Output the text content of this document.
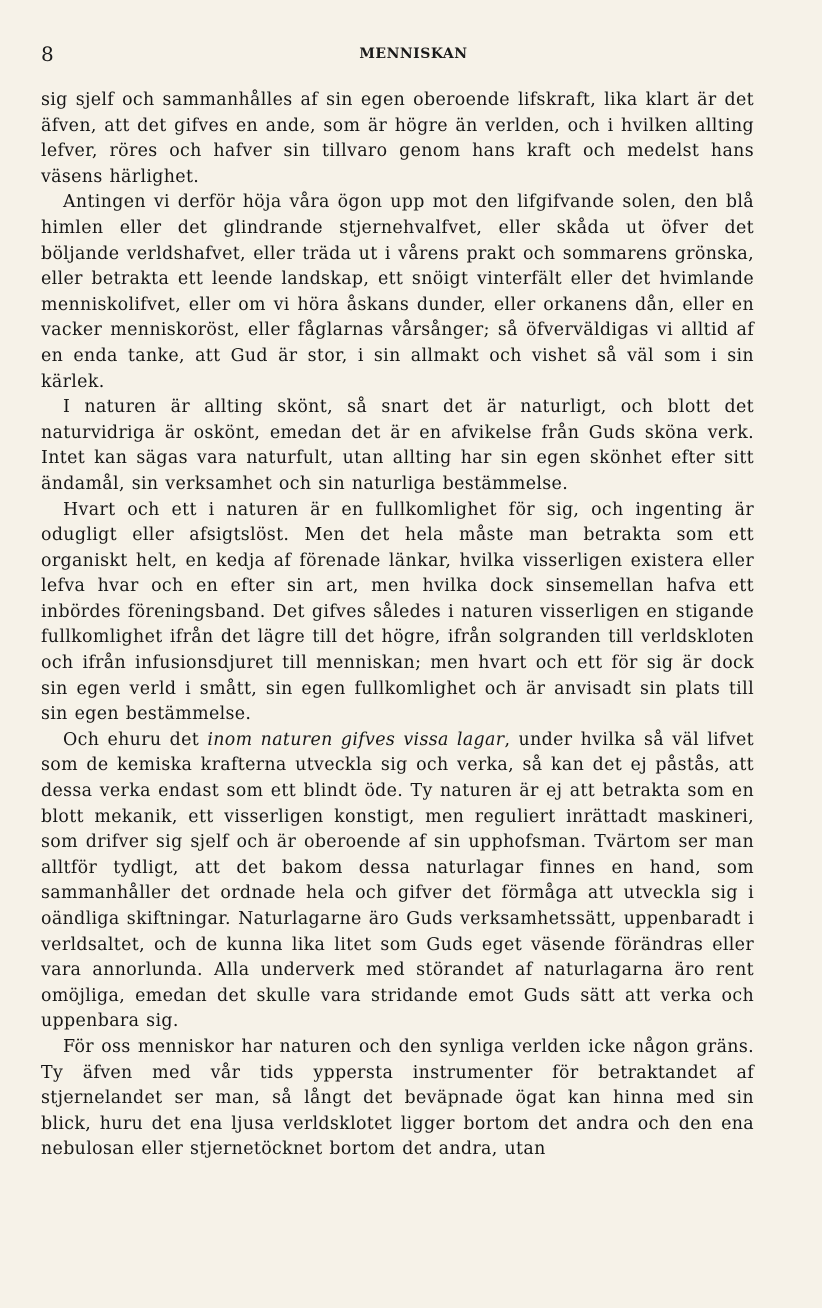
8	MENNISKAN

sig sjelf och sammanhålles af sin egen oberoende lifskraft, lika klart är det äfven, att det gifves en ande, som är högre än verlden, och i hvilken allting lefver, röres och hafver sin tillvaro genom hans kraft och medelst hans väsens härlighet.

Antingen vi derför höja våra ögon upp mot den lifgifvande solen, den blå himlen eller det glindrande stjernehvalfvet, eller skåda ut öfver det böljande verldshafvet, eller träda ut i vårens prakt och sommarens grönska, eller betrakta ett leende landskap, ett snöigt vinterfält eller det hvimlande menniskolifvet, eller om vi höra åskans dunder, eller orkanens dån, eller en vacker menniskoröst, eller fåglarnas vårsånger; så öfverväldigas vi alltid af en enda tanke, att Gud är stor, i sin allmakt och vishet så väl som i sin kärlek.

I naturen är allting skönt, så snart det är naturligt, och blott det naturvidriga är oskönt, emedan det är en afvikelse från Guds sköna verk. Intet kan sägas vara naturfult, utan allting har sin egen skönhet efter sitt ändamål, sin verksamhet och sin naturliga bestämmelse.

Hvart och ett i naturen är en fullkomlighet för sig, och ingenting är odugligt eller afsigtslöst. Men det hela måste man betrakta som ett organiskt helt, en kedja af förenade länkar, hvilka visserligen existera eller lefva hvar och en efter sin art, men hvilka dock sinsemellan hafva ett inbördes föreningsband. Det gifves således i naturen visserligen en stigande fullkomlighet ifrån det lägre till det högre, ifrån solgranden till verldskloten och ifrån infusionsdjuret till menniskan; men hvart och ett för sig är dock sin egen verld i smått, sin egen fullkomlighet och är anvisadt sin plats till sin egen bestämmelse.

Och ehuru det inom naturen gifves vissa lagar, under hvilka så väl lifvet som de kemiska krafterna utveckla sig och verka, så kan det ej påstås, att dessa verka endast som ett blindt öde. Ty naturen är ej att betrakta som en blott mekanik, ett visserligen konstigt, men reguliert inrättadt maskineri, som drifver sig sjelf och är oberoende af sin upphofsman. Tvärtom ser man alltför tydligt, att det bakom dessa naturlagar finnes en hand, som sammanhåller det ordnade hela och gifver det förmåga att utveckla sig i oändliga skiftningar. Naturlagarne äro Guds verksamhetssätt, uppenbaradt i verldsaltet, och de kunna lika litet som Guds eget väsende förändras eller vara annorlunda. Alla underverk med störandet af naturlagarna äro rent omöjliga, emedan det skulle vara stridande emot Guds sätt att verka och uppenbara sig.

För oss menniskor har naturen och den synliga verlden icke någon gräns. Ty äfven med vår tids yppersta instrumenter för betraktandet af stjernelandet ser man, så långt det beväpnade ögat kan hinna med sin blick, huru det ena ljusa verldsklotet ligger bortom det andra och den ena nebulosan eller stjernetöcknet bortom det andra, utan
